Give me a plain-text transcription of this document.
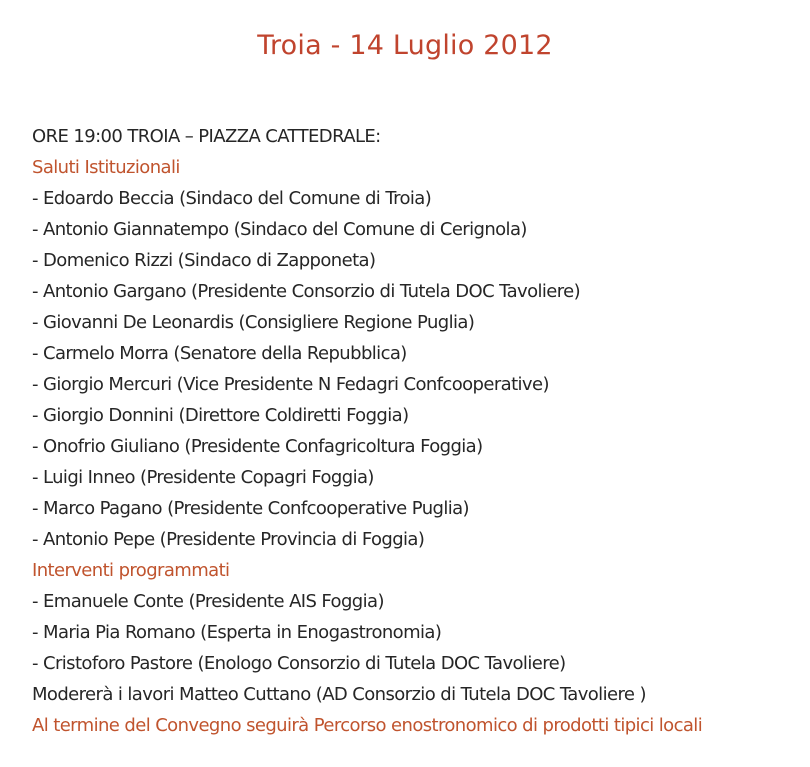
Troia - 14 Luglio 2012
ORE 19:00 TROIA – PIAZZA CATTEDRALE:
Saluti Istituzionali
- Edoardo Beccia (Sindaco del Comune di Troia)
- Antonio Giannatempo (Sindaco del Comune di Cerignola)
- Domenico Rizzi (Sindaco di Zapponeta)
- Antonio Gargano (Presidente Consorzio di Tutela DOC Tavoliere)
- Giovanni De Leonardis (Consigliere Regione Puglia)
- Carmelo Morra (Senatore della Repubblica)
- Giorgio Mercuri (Vice Presidente N Fedagri Confcooperative)
- Giorgio Donnini (Direttore Coldiretti Foggia)
- Onofrio Giuliano (Presidente Confagricoltura Foggia)
- Luigi Inneo (Presidente Copagri Foggia)
- Marco Pagano (Presidente Confcooperative Puglia)
- Antonio Pepe (Presidente Provincia di Foggia)
Interventi programmati
- Emanuele Conte (Presidente AIS Foggia)
- Maria Pia Romano (Esperta in Enogastronomia)
- Cristoforo Pastore (Enologo Consorzio di Tutela DOC Tavoliere)
Modererà i lavori Matteo Cuttano (AD Consorzio di Tutela DOC Tavoliere )
Al termine del Convegno seguirà Percorso enostronomico di prodotti tipici locali
